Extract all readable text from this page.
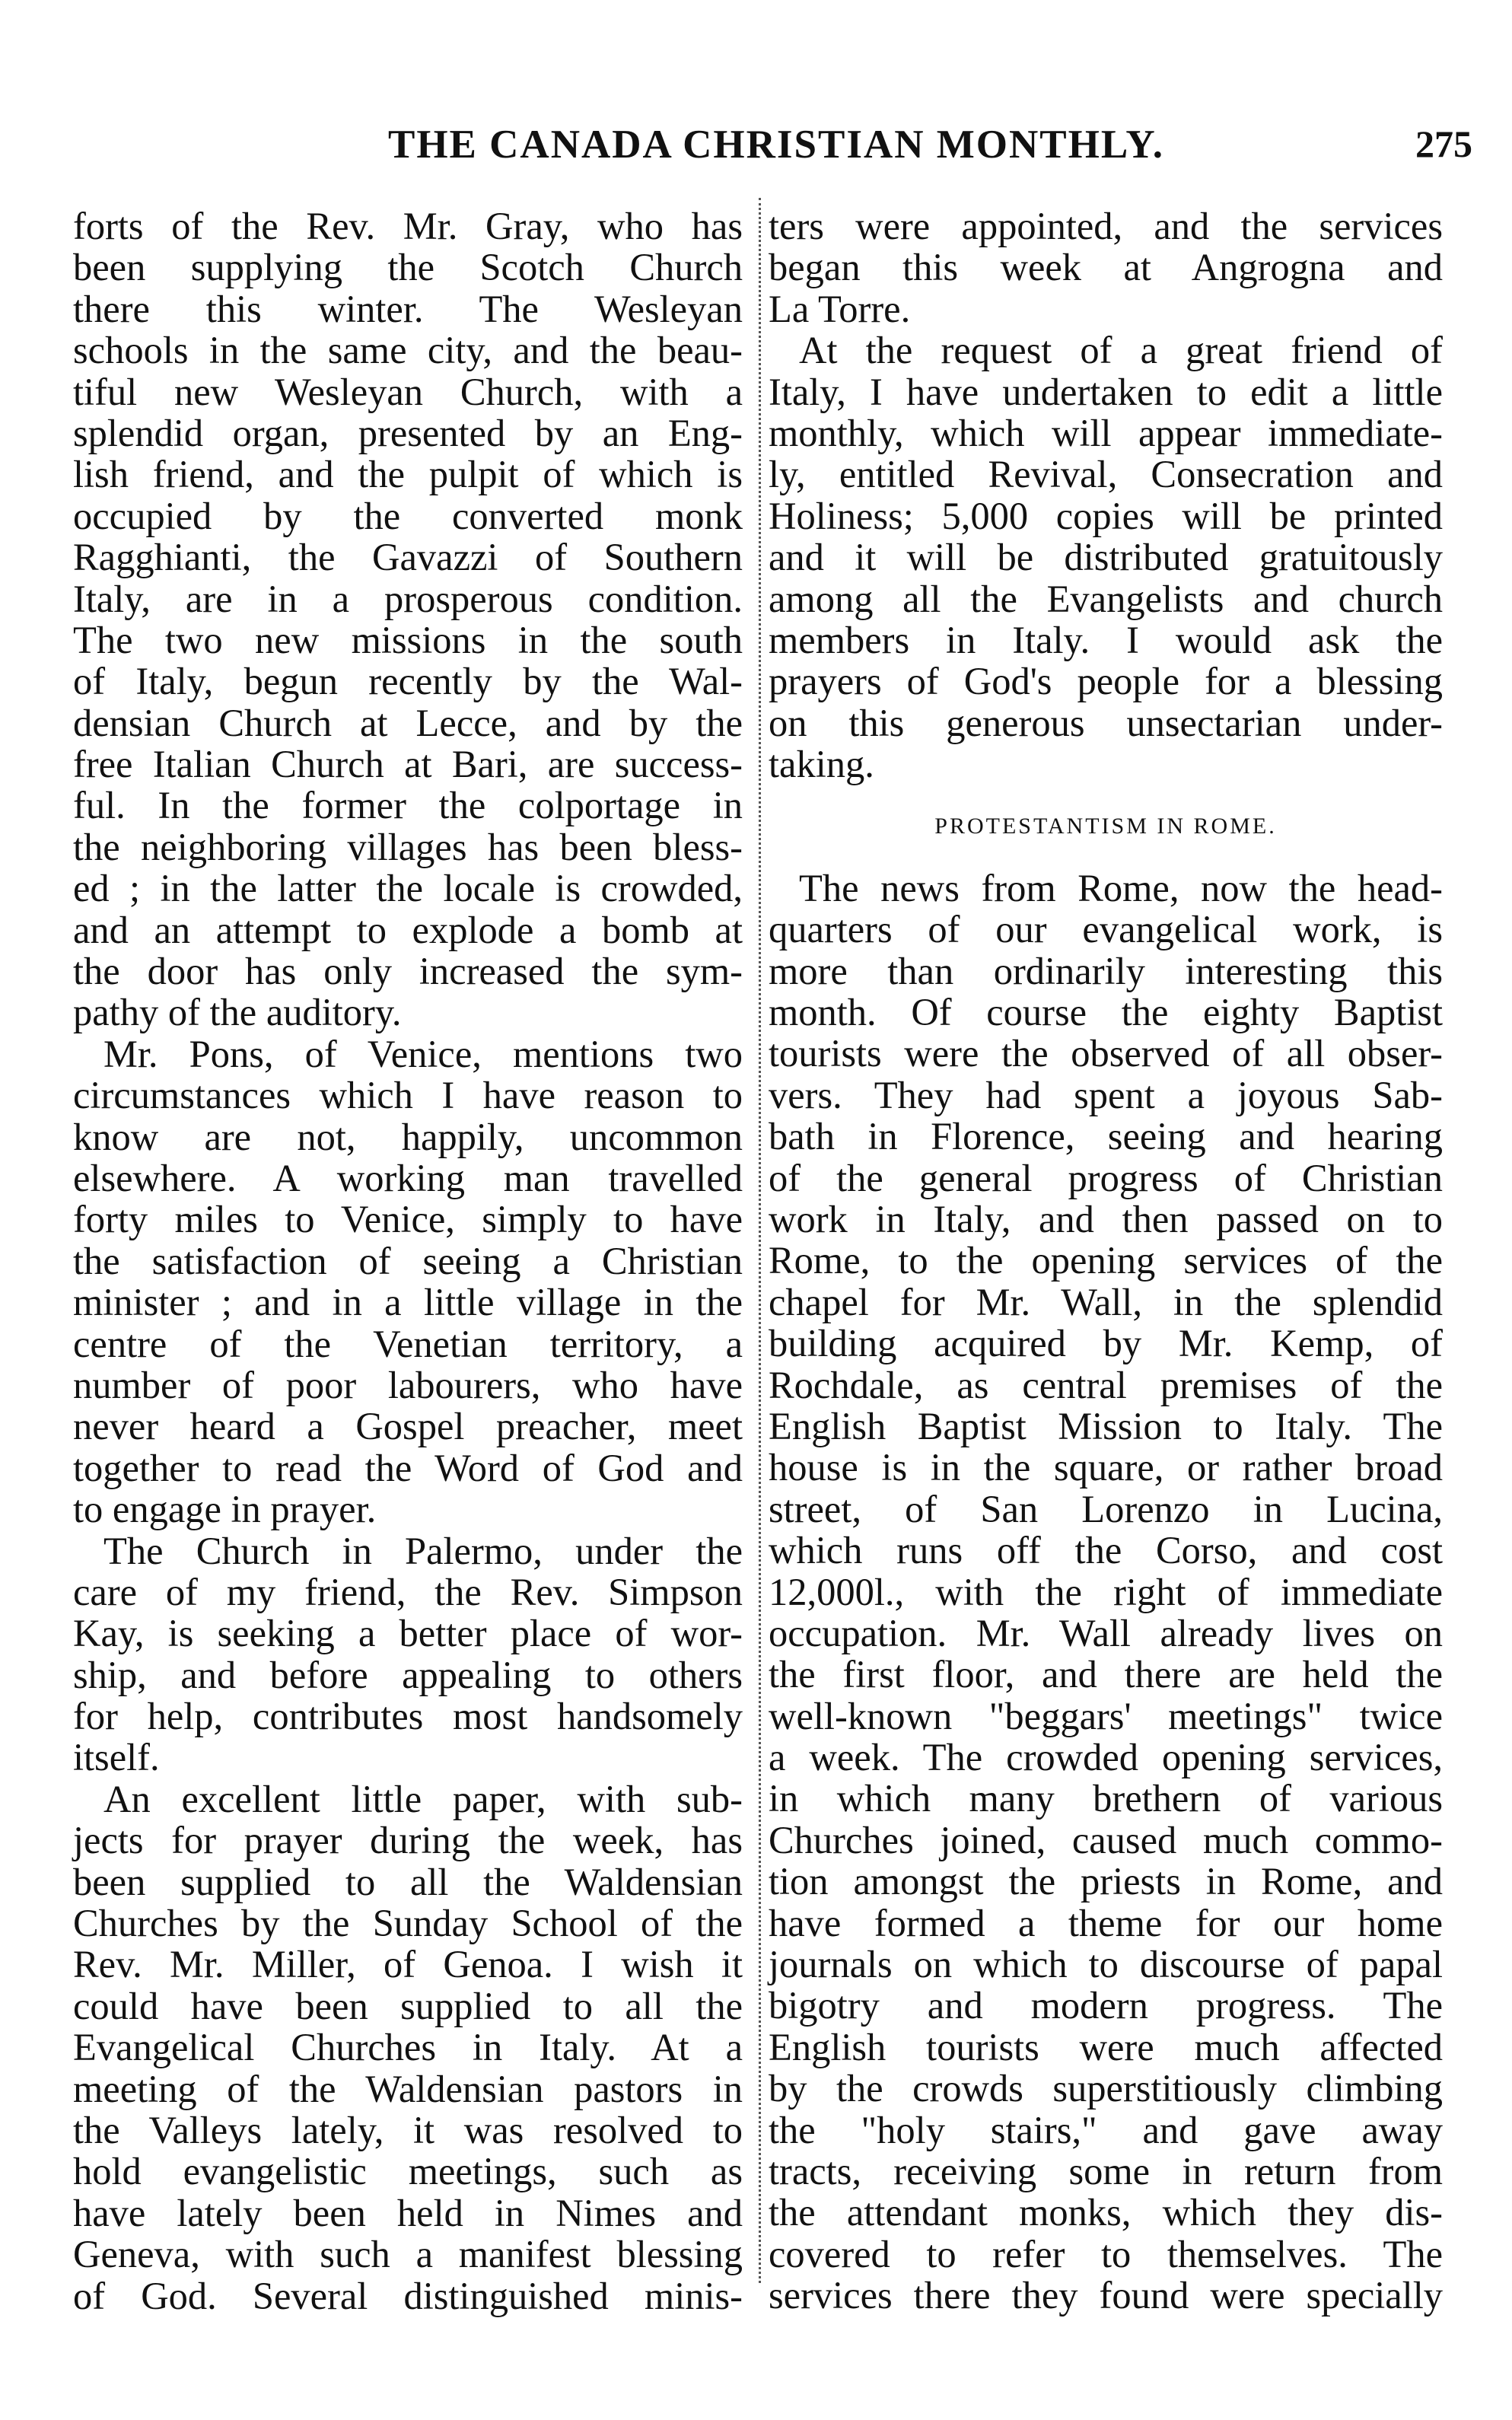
THE CANADA CHRISTIAN MONTHLY.	275
forts of the Rev. Mr. Gray, who has
been supplying the Scotch Church
there this winter. The Wesleyan
schools in the same city, and the beau-
tiful new Wesleyan Church, with a
splendid organ, presented by an Eng-
lish friend, and the pulpit of which is
occupied by the converted monk
Ragghianti, the Gavazzi of Southern
Italy, are in a prosperous condition.
The two new missions in the south
of Italy, begun recently by the Wal-
densian Church at Lecce, and by the
free Italian Church at Bari, are success-
ful. In the former the colportage in
the neighboring villages has been bless-
ed ; in the latter the locale is crowded,
and an attempt to explode a bomb at
the door has only increased the sym-
pathy of the auditory.
Mr. Pons, of Venice, mentions two
circumstances which I have reason to
know are not, happily, uncommon
elsewhere. A working man travelled
forty miles to Venice, simply to have
the satisfaction of seeing a Christian
minister ; and in a little village in the
centre of the Venetian territory, a
number of poor labourers, who have
never heard a Gospel preacher, meet
together to read the Word of God and
to engage in prayer.
The Church in Palermo, under the
care of my friend, the Rev. Simpson
Kay, is seeking a better place of wor-
ship, and before appealing to others
for help, contributes most handsomely
itself.
An excellent little paper, with sub-
jects for prayer during the week, has
been supplied to all the Waldensian
Churches by the Sunday School of the
Rev. Mr. Miller, of Genoa. I wish it
could have been supplied to all the
Evangelical Churches in Italy. At a
meeting of the Waldensian pastors in
the Valleys lately, it was resolved to
hold evangelistic meetings, such as
have lately been held in Nimes and
Geneva, with such a manifest blessing
of God. Several distinguished minis-
ters were appointed, and the services
began this week at Angrogna and
La Torre.
At the request of a great friend of
Italy, I have undertaken to edit a little
monthly, which will appear immediate-
ly, entitled Revival, Consecration and
Holiness; 5,000 copies will be printed
and it will be distributed gratuitously
among all the Evangelists and church
members in Italy. I would ask the
prayers of God's people for a blessing
on this generous unsectarian under-
taking.
PROTESTANTISM IN ROME.
The news from Rome, now the head-
quarters of our evangelical work, is
more than ordinarily interesting this
month. Of course the eighty Baptist
tourists were the observed of all obser-
vers. They had spent a joyous Sab-
bath in Florence, seeing and hearing
of the general progress of Christian
work in Italy, and then passed on to
Rome, to the opening services of the
chapel for Mr. Wall, in the splendid
building acquired by Mr. Kemp, of
Rochdale, as central premises of the
English Baptist Mission to Italy. The
house is in the square, or rather broad
street, of San Lorenzo in Lucina,
which runs off the Corso, and cost
12,000l., with the right of immediate
occupation. Mr. Wall already lives on
the first floor, and there are held the
well-known "beggars' meetings" twice
a week. The crowded opening services,
in which many brethern of various
Churches joined, caused much commo-
tion amongst the priests in Rome, and
have formed a theme for our home
journals on which to discourse of papal
bigotry and modern progress. The
English tourists were much affected
by the crowds superstitiously climbing
the "holy stairs," and gave away
tracts, receiving some in return from
the attendant monks, which they dis-
covered to refer to themselves. The
services there they found were specially
